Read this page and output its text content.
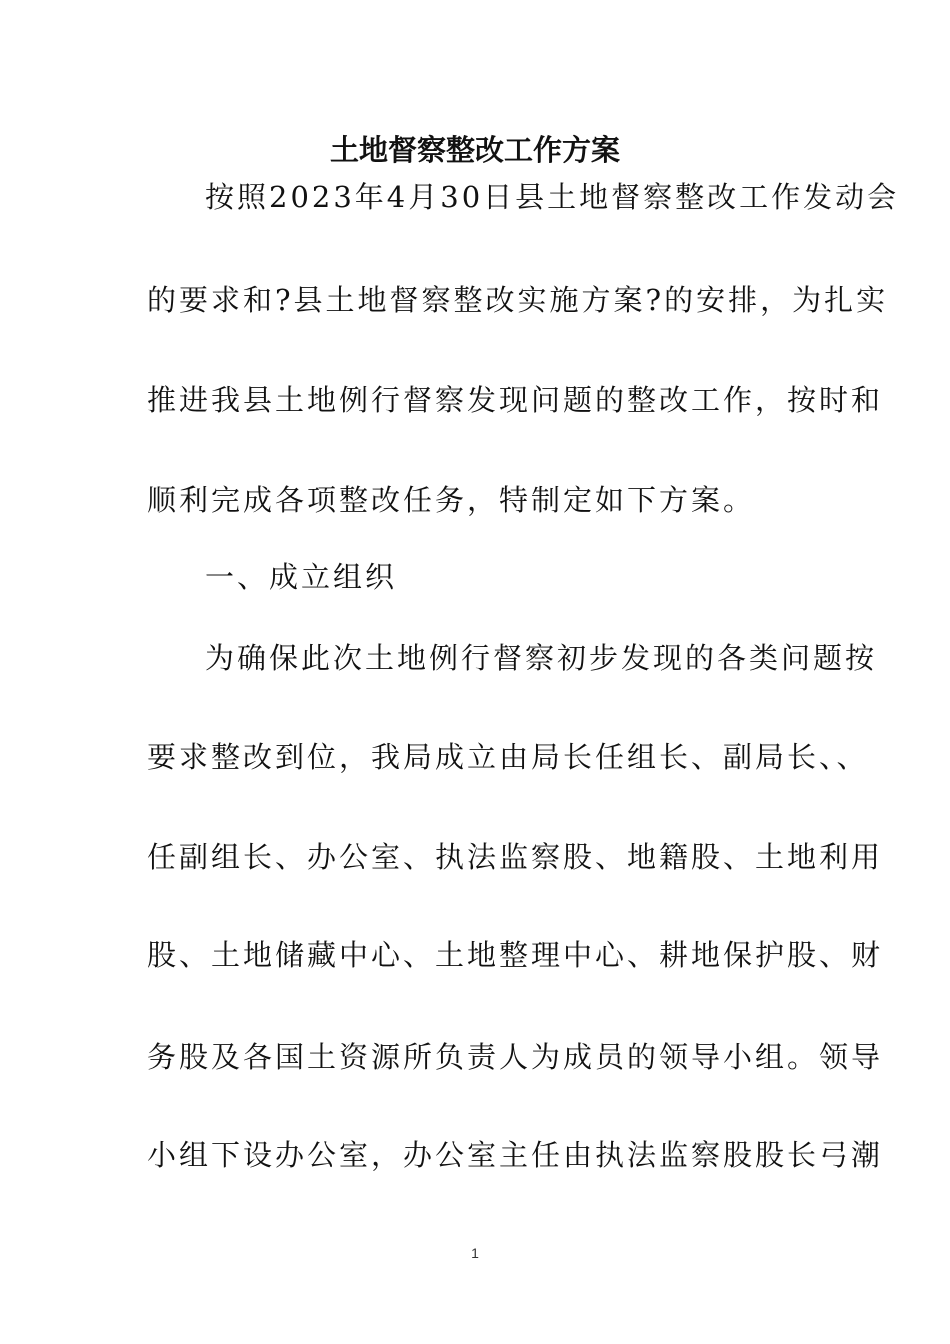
土地督察整改工作方案

按照2023年4月30日县土地督察整改工作发动会

的要求和?县土地督察整改实施方案?的安排，为扎实

推进我县土地例行督察发现问题的整改工作，按时和

顺利完成各项整改任务，特制定如下方案。

一、成立组织

为确保此次土地例行督察初步发现的各类问题按

要求整改到位，我局成立由局长任组长、副局长、、

任副组长、办公室、执法监察股、地籍股、土地利用

股、土地储藏中心、土地整理中心、耕地保护股、财

务股及各国土资源所负责人为成员的领导小组。领导

小组下设办公室，办公室主任由执法监察股股长弓潮

1
